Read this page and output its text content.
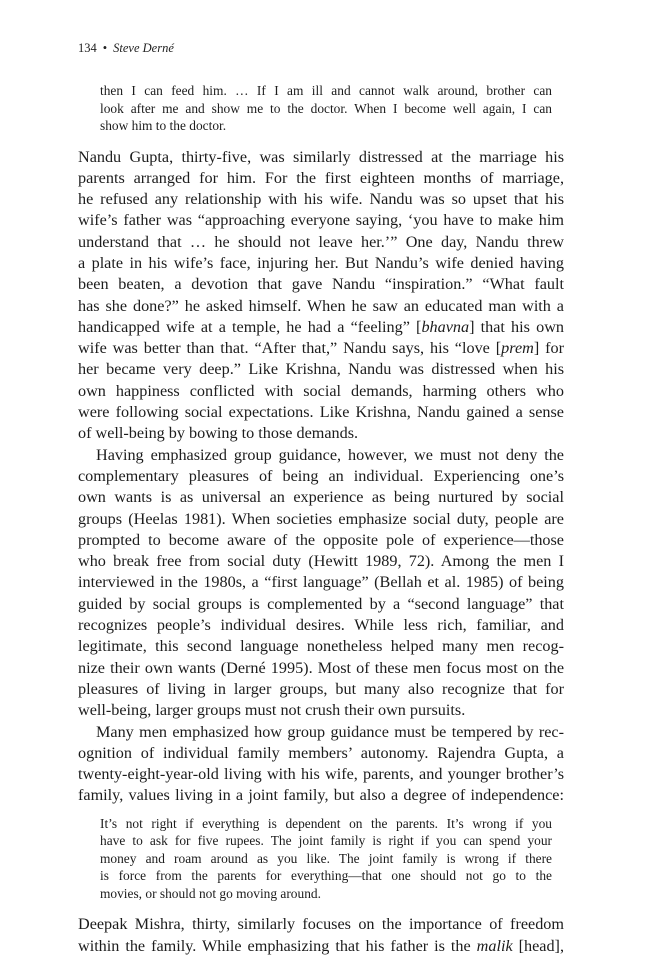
134 • Steve Derné
then I can feed him. … If I am ill and cannot walk around, brother can
look after me and show me to the doctor. When I become well again, I can
show him to the doctor.
Nandu Gupta, thirty-five, was similarly distressed at the marriage his
parents arranged for him. For the first eighteen months of marriage,
he refused any relationship with his wife. Nandu was so upset that his
wife’s father was “approaching everyone saying, ‘you have to make him
understand that … he should not leave her.’” One day, Nandu threw
a plate in his wife’s face, injuring her. But Nandu’s wife denied having
been beaten, a devotion that gave Nandu “inspiration.” “What fault
has she done?” he asked himself. When he saw an educated man with a
handicapped wife at a temple, he had a “feeling” [bhavna] that his own
wife was better than that. “After that,” Nandu says, his “love [prem] for
her became very deep.” Like Krishna, Nandu was distressed when his
own happiness conflicted with social demands, harming others who
were following social expectations. Like Krishna, Nandu gained a sense
of well-being by bowing to those demands.
Having emphasized group guidance, however, we must not deny the
complementary pleasures of being an individual. Experiencing one’s
own wants is as universal an experience as being nurtured by social
groups (Heelas 1981). When societies emphasize social duty, people are
prompted to become aware of the opposite pole of experience—those
who break free from social duty (Hewitt 1989, 72). Among the men I
interviewed in the 1980s, a “first language” (Bellah et al. 1985) of being
guided by social groups is complemented by a “second language” that
recognizes people’s individual desires. While less rich, familiar, and
legitimate, this second language nonetheless helped many men recog-
nize their own wants (Derné 1995). Most of these men focus most on the
pleasures of living in larger groups, but many also recognize that for
well-being, larger groups must not crush their own pursuits.
Many men emphasized how group guidance must be tempered by rec-
ognition of individual family members’ autonomy. Rajendra Gupta, a
twenty-eight-year-old living with his wife, parents, and younger brother’s
family, values living in a joint family, but also a degree of independence:
It’s not right if everything is dependent on the parents. It’s wrong if you
have to ask for five rupees. The joint family is right if you can spend your
money and roam around as you like. The joint family is wrong if there
is force from the parents for everything—that one should not go to the
movies, or should not go moving around.
Deepak Mishra, thirty, similarly focuses on the importance of freedom
within the family. While emphasizing that his father is the malik [head],
